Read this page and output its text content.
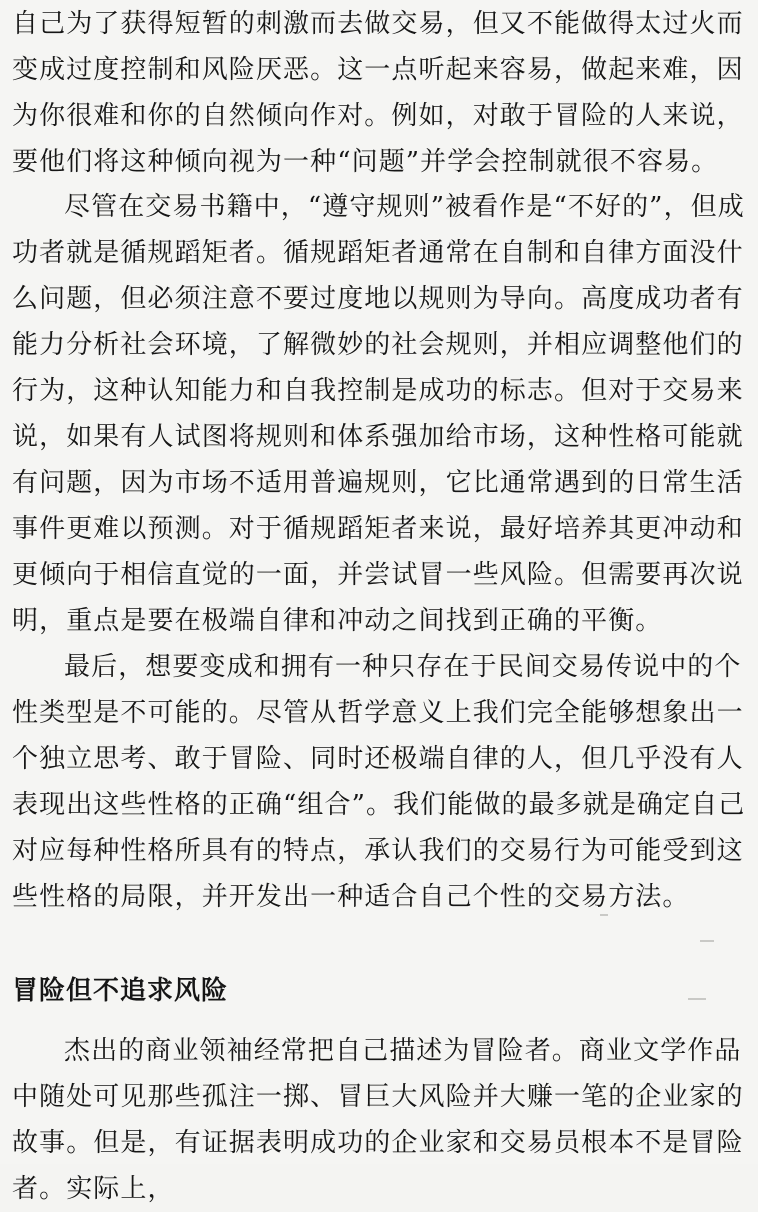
自己为了获得短暂的刺激而去做交易，但又不能做得太过火而变成过度控制和风险厌恶。这一点听起来容易，做起来难，因为你很难和你的自然倾向作对。例如，对敢于冒险的人来说，要他们将这种倾向视为一种“问题”并学会控制就很不容易。

尽管在交易书籍中，“遵守规则”被看作是“不好的”，但成功者就是循规蹈矩者。循规蹈矩者通常在自制和自律方面没什么问题，但必须注意不要过度地以规则为导向。高度成功者有能力分析社会环境，了解微妙的社会规则，并相应调整他们的行为，这种认知能力和自我控制是成功的标志。但对于交易来说，如果有人试图将规则和体系强加给市场，这种性格可能就有问题，因为市场不适用普遍规则，它比通常遇到的日常生活事件更难以预测。对于循规蹈矩者来说，最好培养其更冲动和更倾向于相信直觉的一面，并尝试冒一些风险。但需要再次说明，重点是要在极端自律和冲动之间找到正确的平衡。

最后，想要变成和拥有一种只存在于民间交易传说中的个性类型是不可能的。尽管从哲学意义上我们完全能够想象出一个独立思考、敢于冒险、同时还极端自律的人，但几乎没有人表现出这些性格的正确“组合”。我们能做的最多就是确定自己对应每种性格所具有的特点，承认我们的交易行为可能受到这些性格的局限，并开发出一种适合自己个性的交易方法。

冒险但不追求风险

杰出的商业领袖经常把自己描述为冒险者。商业文学作品中随处可见那些孤注一掷、冒巨大风险并大赚一笔的企业家的故事。但是，有证据表明成功的企业家和交易员根本不是冒险者。实际上，
